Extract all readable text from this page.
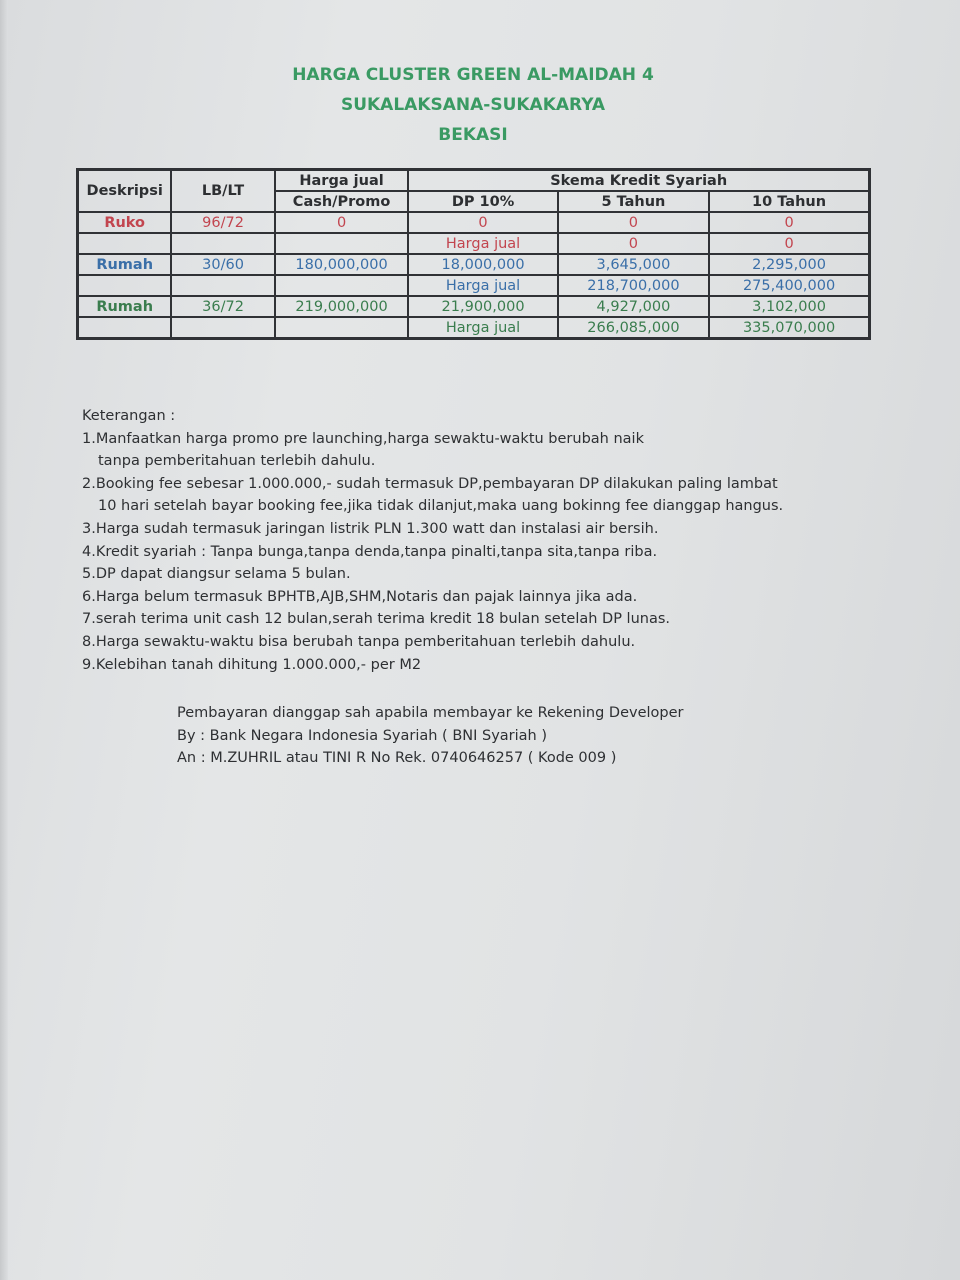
HARGA CLUSTER GREEN AL-MAIDAH 4
SUKALAKSANA-SUKAKARYA
BEKASI
Deskripsi	LB/LT	Harga jual	Skema Kredit Syariah		
		Cash/Promo	DP 10%	5 Tahun	10 Tahun
Ruko	96/72	0	0	0	0
			Harga jual	0	0
Rumah	30/60	180,000,000	18,000,000	3,645,000	2,295,000
			Harga jual	218,700,000	275,400,000
Rumah	36/72	219,000,000	21,900,000	4,927,000	3,102,000
			Harga jual	266,085,000	335,070,000
Keterangan :
1.Manfaatkan harga promo pre launching,harga sewaktu-waktu berubah naik
tanpa pemberitahuan terlebih dahulu.
2.Booking fee sebesar 1.000.000,- sudah termasuk DP,pembayaran DP dilakukan paling lambat
10 hari setelah bayar booking fee,jika tidak dilanjut,maka uang bokinng fee dianggap hangus.
3.Harga sudah termasuk jaringan listrik PLN 1.300 watt dan instalasi air bersih.
4.Kredit syariah : Tanpa bunga,tanpa denda,tanpa pinalti,tanpa sita,tanpa riba.
5.DP dapat diangsur selama 5 bulan.
6.Harga belum termasuk BPHTB,AJB,SHM,Notaris dan pajak lainnya jika ada.
7.serah terima unit cash 12 bulan,serah terima kredit 18 bulan setelah DP lunas.
8.Harga sewaktu-waktu bisa berubah tanpa pemberitahuan terlebih dahulu.
9.Kelebihan tanah dihitung 1.000.000,- per M2
Pembayaran dianggap sah apabila membayar ke Rekening Developer
By : Bank Negara Indonesia Syariah ( BNI Syariah )
An : M.ZUHRIL atau TINI R No Rek. 0740646257 ( Kode 009 )
